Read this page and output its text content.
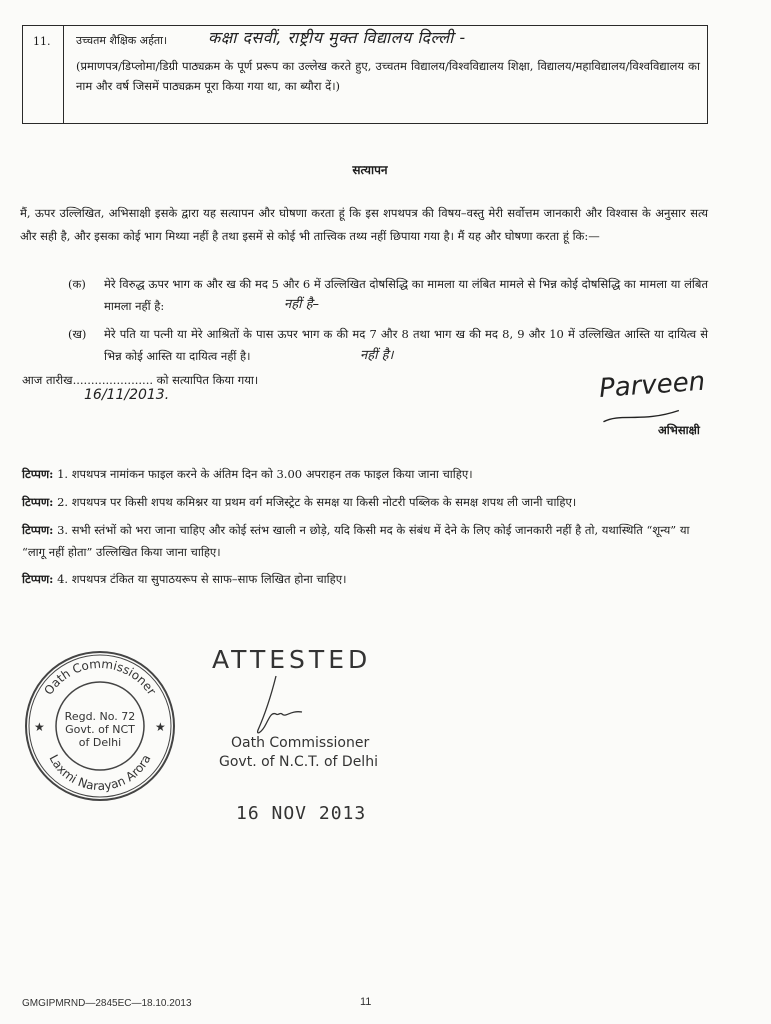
11. उच्चतम शैक्षिक अर्हता।	कक्षा दसवीं, राष्ट्रीय मुक्त विद्यालय दिल्ली -
(प्रमाणपत्र/डिप्लोमा/डिग्री पाठ्यक्रम के पूर्ण प्ररूप का उल्लेख करते हुए, उच्चतम विद्यालय/विश्वविद्यालय शिक्षा, विद्यालय/महाविद्यालय/विश्वविद्यालय का नाम और वर्ष जिसमें पाठ्यक्रम पूरा किया गया था, का ब्यौरा दें।)
सत्यापन
मैं, ऊपर उल्लिखित, अभिसाक्षी इसके द्वारा यह सत्यापन और घोषणा करता हूं कि इस शपथपत्र की विषय–वस्तु मेरी सर्वोत्तम जानकारी और विश्वास के अनुसार सत्य और सही है, और इसका कोई भाग मिथ्या नहीं है तथा इसमें से कोई भी तात्त्विक तथ्य नहीं छिपाया गया है। मैं यह और घोषणा करता हूं कि:—
(क) मेरे विरुद्ध ऊपर भाग क और ख की मद 5 और 6 में उल्लिखित दोषसिद्धि का मामला या लंबित मामले से भिन्न कोई दोषसिद्धि का मामला या लंबित मामला नहीं है:	नहीं है–
(ख) मेरे पति या पत्नी या मेरे आश्रितों के पास ऊपर भाग क की मद 7 और 8 तथा भाग ख की मद 8, 9 और 10 में उल्लिखित आस्ति या दायित्व से भिन्न कोई आस्ति या दायित्व नहीं है।	नहीं है।
आज तारीख...................... को सत्यापित किया गया।
16/11/2013.	Parveen
अभिसाक्षी
टिप्पण: 1. शपथपत्र नामांकन फाइल करने के अंतिम दिन को 3.00 अपराहन तक फाइल किया जाना चाहिए।
टिप्पण: 2. शपथपत्र पर किसी शपथ कमिश्नर या प्रथम वर्ग मजिस्ट्रेट के समक्ष या किसी नोटरी पब्लिक के समक्ष शपथ ली जानी चाहिए।
टिप्पण: 3. सभी स्तंभों को भरा जाना चाहिए और कोई स्तंभ खाली न छोड़े, यदि किसी मद के संबंध में देने के लिए कोई जानकारी नहीं है तो, यथास्थिति “शून्य” या “लागू नहीं होता” उल्लिखित किया जाना चाहिए।
टिप्पण: 4. शपथपत्र टंकित या सुपाठयरूप से साफ–साफ लिखित होना चाहिए।
Oath Commissioner
Laxmi Narayan Arora
★	★
Regd. No. 72
Govt. of NCT
of Delhi
ATTESTED
Oath Commissioner
Govt. of N.C.T. of Delhi
16 NOV 2013
GMGIPMRND—2845EC—18.10.2013	11
